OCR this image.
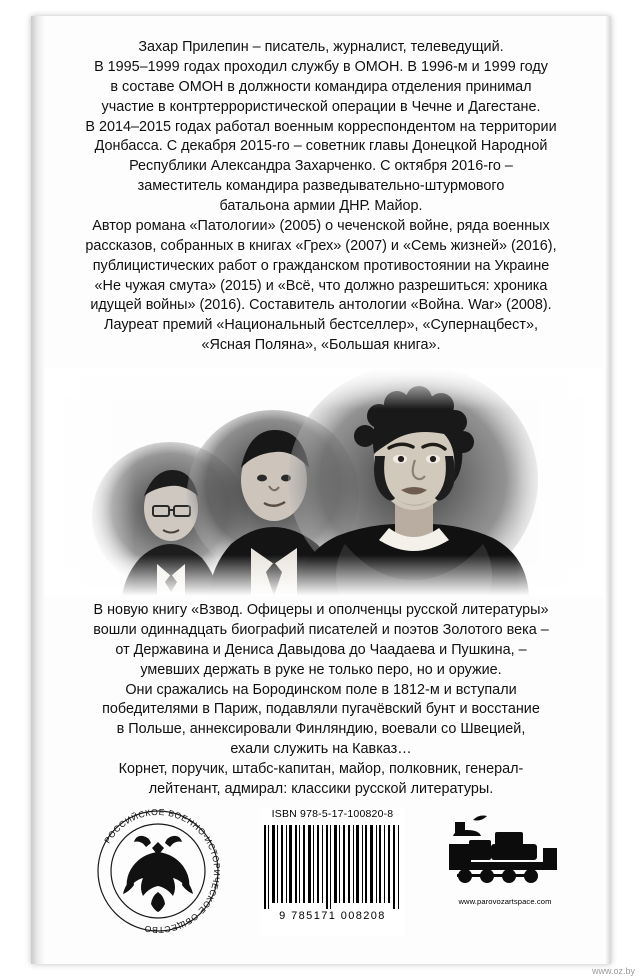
Захар Прилепин – писатель, журналист, телеведущий.

В 1995–1999 годах проходил службу в ОМОН. В 1996-м и 1999 году

в составе ОМОН в должности командира отделения принимал

участие в контртеррористической операции в Чечне и Дагестане.

В 2014–2015 годах работал военным корреспондентом на территории

Донбасса. С декабря 2015-го – советник главы Донецкой Народной

Республики Александра Захарченко. С октября 2016-го –

заместитель командира разведывательно-штурмового

батальона армии ДНР. Майор.

Автор романа «Патологии» (2005) о чеченской войне, ряда военных

рассказов, собранных в книгах «Грех» (2007) и «Семь жизней» (2016),

публицистических работ о гражданском противостоянии на Украине

«Не чужая смута» (2015) и «Всё, что должно разрешиться: хроника

идущей войны» (2016). Составитель антологии «Война. War» (2008).

Лауреат премий «Национальный бестселлер», «Супернацбест»,

«Ясная Поляна», «Большая книга».

В новую книгу «Взвод. Офицеры и ополченцы русской литературы»

вошли одиннадцать биографий писателей и поэтов Золотого века –

от Державина и Дениса Давыдова до Чаадаева и Пушкина, –

умевших держать в руке не только перо, но и оружие.

Они сражались на Бородинском поле в 1812-м и вступали

победителями в Париж, подавляли пугачёвский бунт и восстание

в Польше, аннексировали Финляндию, воевали со Швецией,

ехали служить на Кавказ…

Корнет, поручик, штабс-капитан, майор, полковник, генерал-

лейтенант, адмирал: классики русской литературы.

РОССИЙСКОЕ ВОЕННО-ИСТОРИЧЕСКОЕ ОБЩЕСТВО
ISBN 978-5-17-100820-8
9 785171 008208
www.parovozartspace.com
www.oz.by
